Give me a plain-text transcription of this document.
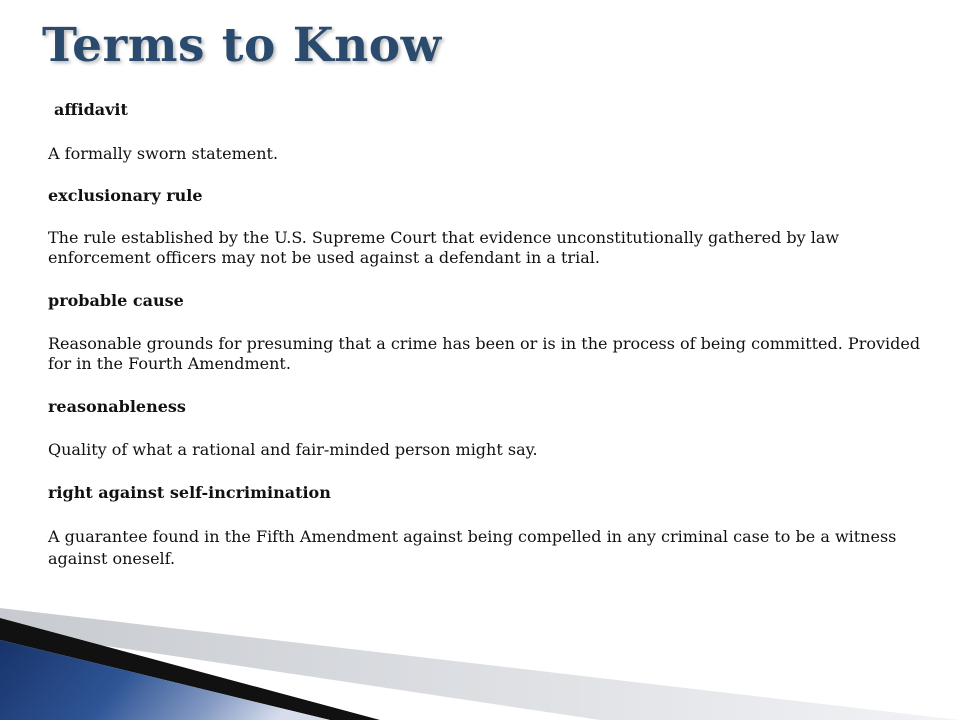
Terms to Know

affidavit

A formally sworn statement.

exclusionary rule

The rule established by the U.S. Supreme Court that evidence unconstitutionally gathered by law enforcement officers may not be used against a defendant in a trial.

probable cause

Reasonable grounds for presuming that a crime has been or is in the process of being committed. Provided for in the Fourth Amendment.

reasonableness

Quality of what a rational and fair-minded person might say.

right against self-incrimination

A guarantee found in the Fifth Amendment against being compelled in any criminal case to be a witness against oneself.
